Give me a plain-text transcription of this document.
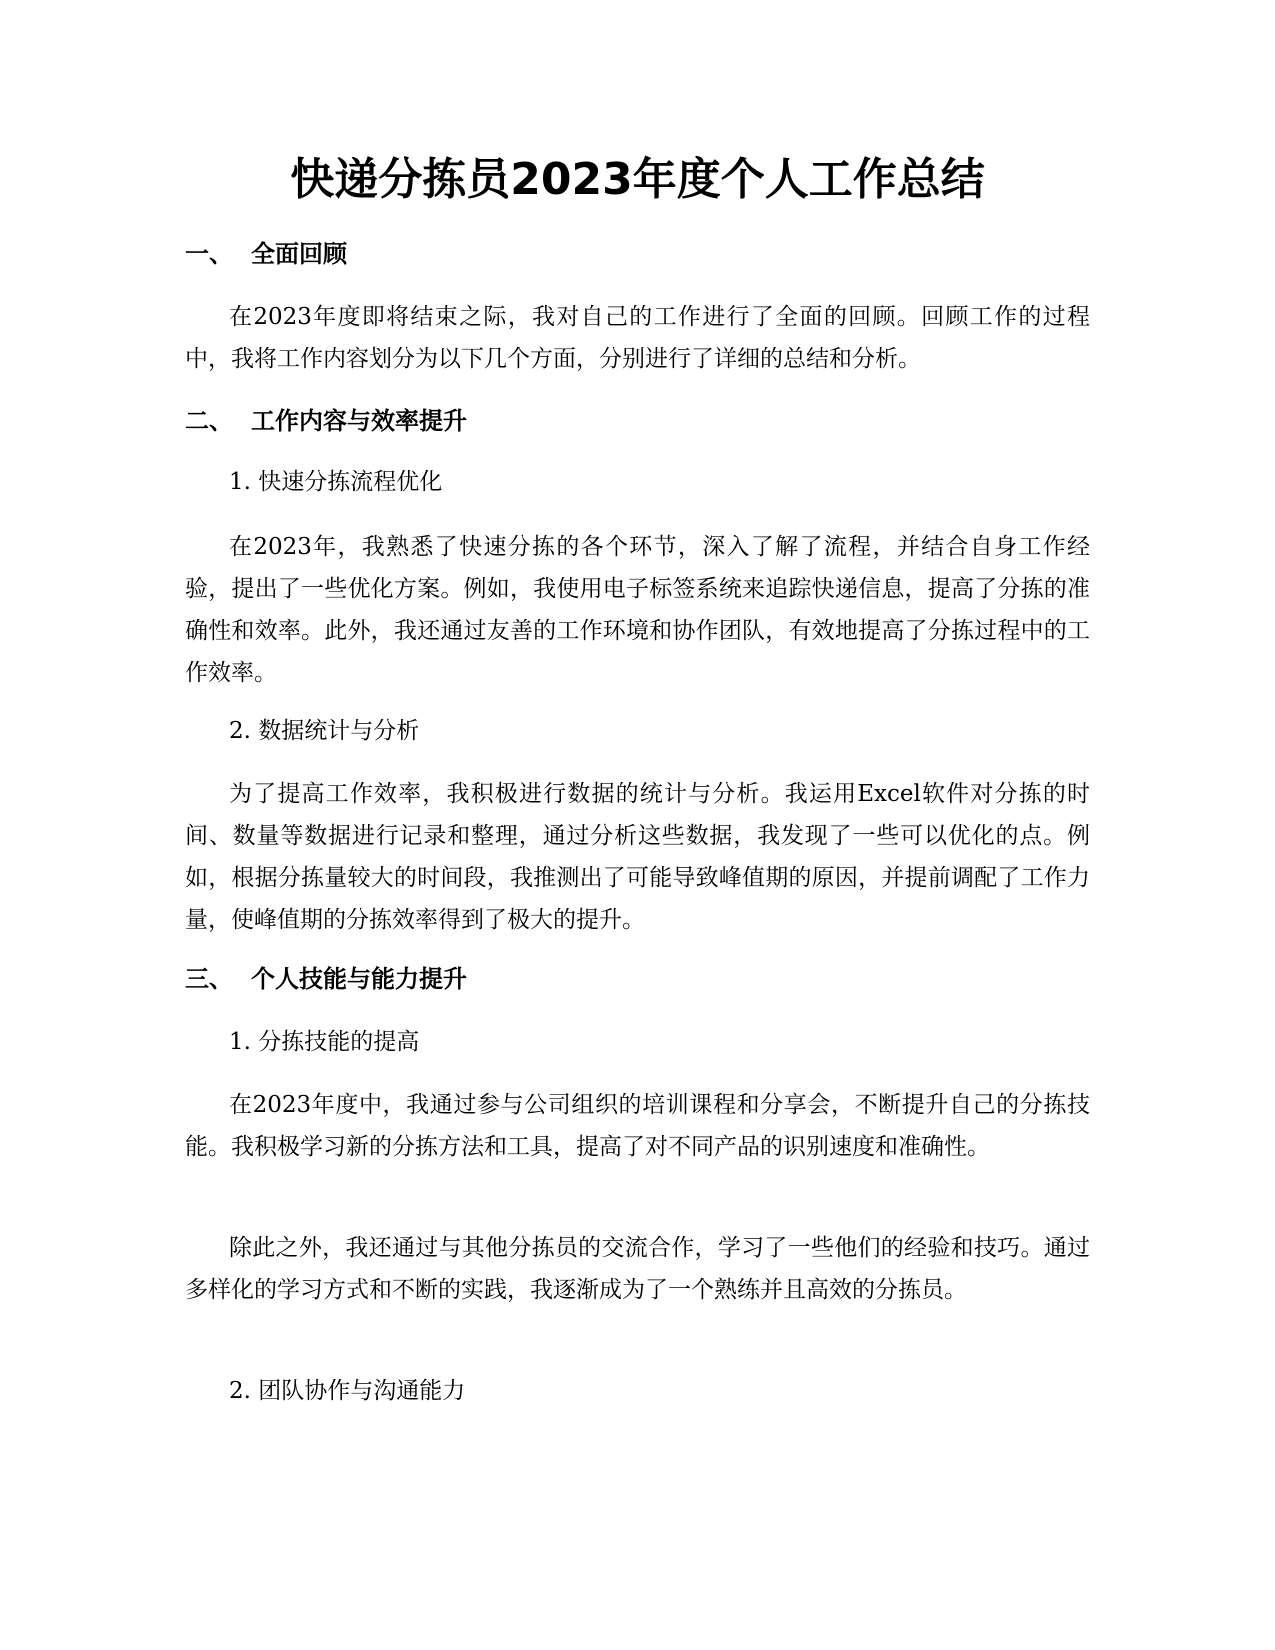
快递分拣员2023年度个人工作总结
一、 全面回顾

在2023年度即将结束之际，我对自己的工作进行了全面的回顾。回顾工作的过程中，我将工作内容划分为以下几个方面，分别进行了详细的总结和分析。

二、 工作内容与效率提升

1. 快速分拣流程优化

在2023年，我熟悉了快速分拣的各个环节，深入了解了流程，并结合自身工作经验，提出了一些优化方案。例如，我使用电子标签系统来追踪快递信息，提高了分拣的准确性和效率。此外，我还通过友善的工作环境和协作团队，有效地提高了分拣过程中的工作效率。

2. 数据统计与分析

为了提高工作效率，我积极进行数据的统计与分析。我运用Excel软件对分拣的时间、数量等数据进行记录和整理，通过分析这些数据，我发现了一些可以优化的点。例如，根据分拣量较大的时间段，我推测出了可能导致峰值期的原因，并提前调配了工作力量，使峰值期的分拣效率得到了极大的提升。

三、 个人技能与能力提升

1. 分拣技能的提高

在2023年度中，我通过参与公司组织的培训课程和分享会，不断提升自己的分拣技能。我积极学习新的分拣方法和工具，提高了对不同产品的识别速度和准确性。

除此之外，我还通过与其他分拣员的交流合作，学习了一些他们的经验和技巧。通过多样化的学习方式和不断的实践，我逐渐成为了一个熟练并且高效的分拣员。

2. 团队协作与沟通能力
